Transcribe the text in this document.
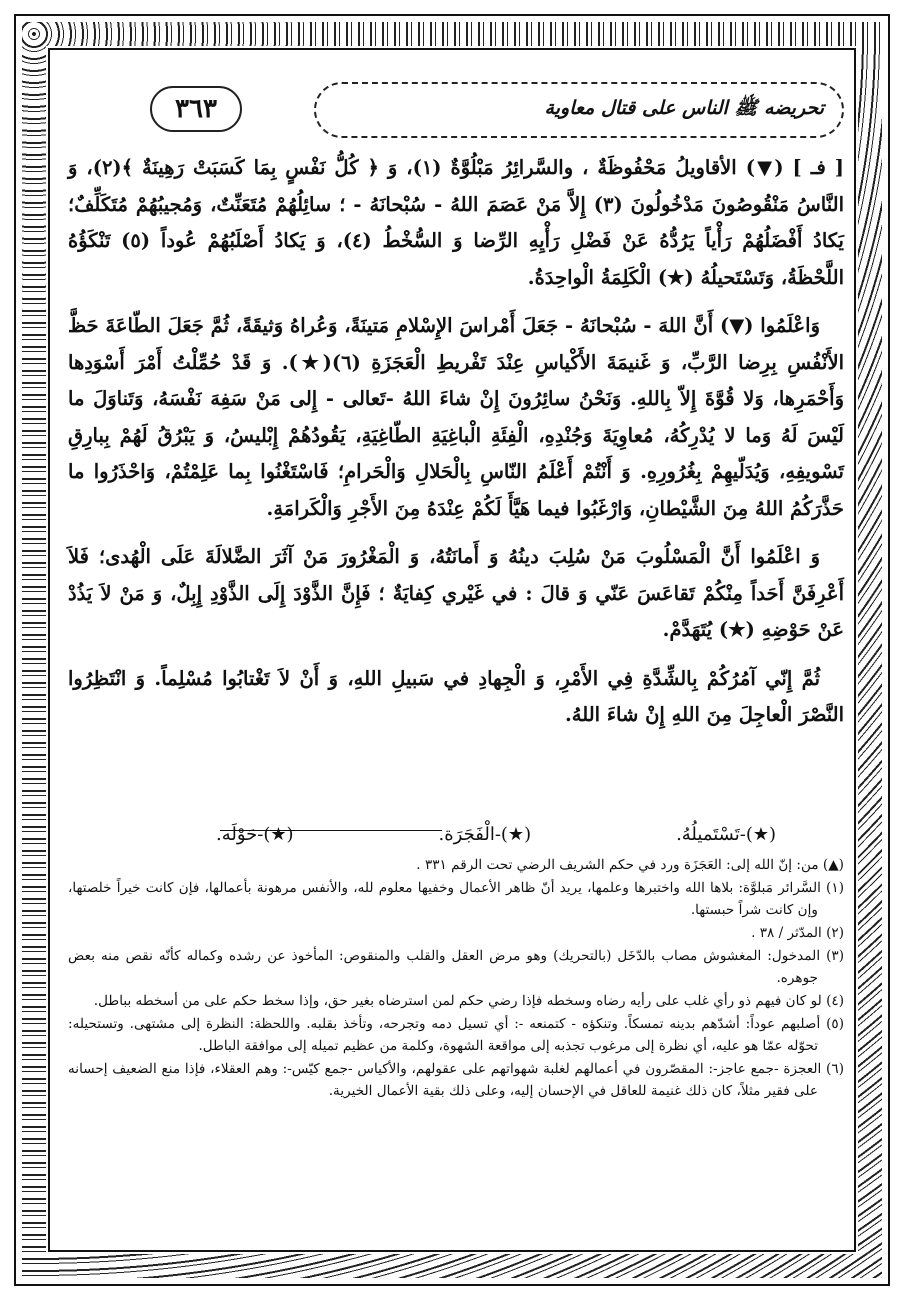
تحريضه ﷺ الناس على قتال معاوية
٣٦٣

[ فـ ] (▼) الأقاويلُ مَحْفُوظَةٌ ، والسَّرائِرُ مَبْلُوَّةٌ (١)، وَ ﴿ كُلُّ نَفْسٍ بِمَا كَسَبَتْ رَهِينَةٌ ﴾(٢)، وَ النَّاسُ مَنْقُوصُونَ مَدْخُولُونَ (٣) إِلاَّ مَنْ عَصَمَ اللهُ - سُبْحانَهُ - ؛ سائِلُهُمْ مُتَعَنِّتٌ، وَمُجيبُهُمْ مُتَكَلِّفٌ؛ يَكادُ أَفْضَلُهُمْ رَأْياً يَرُدُّهُ عَنْ فَضْلِ رَأْيِهِ الرِّضا وَ السُّخْطُ (٤)، وَ يَكادُ أَصْلَبُهُمْ عُوداً (٥) تَنْكَؤُهُ اللَّحْظَةُ، وَتَسْتَحيلُهُ (★) الْكَلِمَةُ الْواحِدَةُ.

وَاعْلَمُوا (▼) أَنَّ اللهَ - سُبْحانَهُ - جَعَلَ أَمْراسَ الإِسْلامِ مَتينَةً، وَعُراهُ وَثيقَةً، ثُمَّ جَعَلَ الطّاعَةَ حَظَّ الأَنْفُسِ بِرِضا الرَّبِّ، وَ غَنيمَةَ الأَكْياسِ عِنْدَ تَفْريطِ الْعَجَزَةِ (٦)(★). وَ قَدْ حُمِّلْتُ أَمْرَ أَسْوَدِها وَأَحْمَرِها، وَلا قُوَّةَ إِلاّ بِاللهِ. وَنَحْنُ سائِرُونَ إِنْ شاءَ اللهُ -تَعالى - إِلى مَنْ سَفِهَ نَفْسَهُ، وَتَناوَلَ ما لَيْسَ لَهُ وَما لا يُدْرِكُهُ، مُعاوِيَةَ وَجُنْدِهِ، الْفِئَةِ الْباغِيَةِ الطّاغِيَةِ، يَقُودُهُمْ إِبْليسُ، وَ يَبْرُقُ لَهُمْ بِبارِقِ تَسْويفِهِ، وَيُدَلّيهِمْ بِغُرُورِهِ. وَ أَنْتُمْ أَعْلَمُ النّاسِ بِالْحَلالِ وَالْحَرامِ؛ فَاسْتَغْنُوا بِما عَلِمْتُمْ، وَاحْذَرُوا ما حَذَّرَكُمُ اللهُ مِنَ الشَّيْطانِ، وَارْغَبُوا فيما هَيَّأَ لَكُمْ عِنْدَهُ مِنَ الأَجْرِ وَالْكَرامَةِ.

وَ اعْلَمُوا أَنَّ الْمَسْلُوبَ مَنْ سُلِبَ دينُهُ وَ أَمانَتُهُ، وَ الْمَغْرُورَ مَنْ آثَرَ الضَّلالَةَ عَلَى الْهُدى؛ فَلاَ أَعْرِفَنَّ أَحَداً مِنْكُمْ تَقاعَسَ عَنّي وَ قالَ : في غَيْري كِفايَةٌ ؛ فَإِنَّ الذَّوْدَ إِلَى الذَّوْدِ إِبِلٌ، وَ مَنْ لاَ يَذُدْ عَنْ حَوْضِهِ (★) يُتَهَدَّمْ.

ثُمَّ إِنّي آمُرُكُمْ بِالشِّدَّةِ فِي الأَمْرِ، وَ الْجِهادِ في سَبيلِ اللهِ، وَ أَنْ لاَ تَغْتابُوا مُسْلِماً. وَ انْتَظِرُوا النَّصْرَ الْعاجِلَ مِنَ اللهِ إِنْ شاءَ اللهُ.

(★)-تَسْتَميلُهُ.
(★)-الْفَجَرَة.
(★)-حَوْلَه.

(▲) من: إنّ الله إلى: العَجَزَة ورد في حكم الشريف الرضي تحت الرقم ٣٣١ .

(١) السَّرائر مَبلوَّة: بلاها الله واختبرها وعلمها، يريد أنّ ظاهر الأعمال وخفيها معلوم لله، والأنفس مرهونة بأعمالها، فإن كانت خيراً خلصتها، وإن كانت شراً حبستها.

(٢) المدّثر / ٣٨ .

(٣) المدخول: المغشوش مصاب بالدّخَل (بالتحريك) وهو مرض العقل والقلب والمنقوص: المأخوذ عن رشده وكماله كأنّه نقص منه بعض جوهره.

(٤) لو كان فيهم ذو رأي غلب على رأيه رضاه وسخطه فإذا رضي حكم لمن استرضاه بغير حق، وإذا سخط حكم على من أسخطه بباطل.

(٥) أصلبهم عوداً: أشدّهم بدينه تمسكاً. وتنكؤه - كتمنعه -: أي تسيل دمه وتجرحه، وتأخذ بقلبه. واللحظة: النظرة إلى مشتهى. وتستحيله: تحوّله عمّا هو عليه، أي نظرة إلى مرغوب تجذبه إلى مواقعة الشهوة، وكلمة من عظيم تميله إلى موافقة الباطل.

(٦) العجزة -جمع عاجز-: المقصّرون في أعمالهم لغلبة شهواتهم على عقولهم، والأكياس -جمع كيّس-: وهم العقلاء، فإذا منع الضعيف إحسانه على فقير مثلاً، كان ذلك غنيمة للعاقل في الإحسان إليه، وعلى ذلك بقية الأعمال الخيرية.
